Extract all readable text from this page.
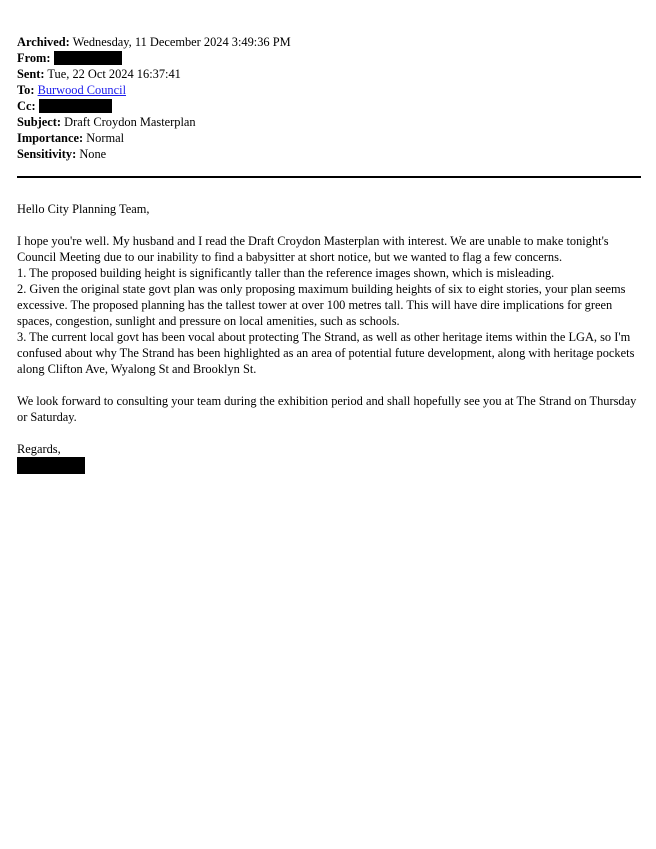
Archived: Wednesday, 11 December 2024 3:49:36 PM
From:
Sent: Tue, 22 Oct 2024 16:37:41
To: Burwood Council
Cc:
Subject: Draft Croydon Masterplan
Importance: Normal
Sensitivity: None

Hello City Planning Team,

I hope you're well. My husband and I read the Draft Croydon Masterplan with interest. We are unable to make tonight's Council Meeting due to our inability to find a babysitter at short notice, but we wanted to flag a few concerns.

1. The proposed building height is significantly taller than the reference images shown, which is misleading.

2. Given the original state govt plan was only proposing maximum building heights of six to eight stories, your plan seems excessive. The proposed planning has the tallest tower at over 100 metres tall. This will have dire implications for green spaces, congestion, sunlight and pressure on local amenities, such as schools.

3. The current local govt has been vocal about protecting The Strand, as well as other heritage items within the LGA, so I'm confused about why The Strand has been highlighted as an area of potential future development, along with heritage pockets along Clifton Ave, Wyalong St and Brooklyn St.

We look forward to consulting your team during the exhibition period and shall hopefully see you at The Strand on Thursday or Saturday.

Regards,
